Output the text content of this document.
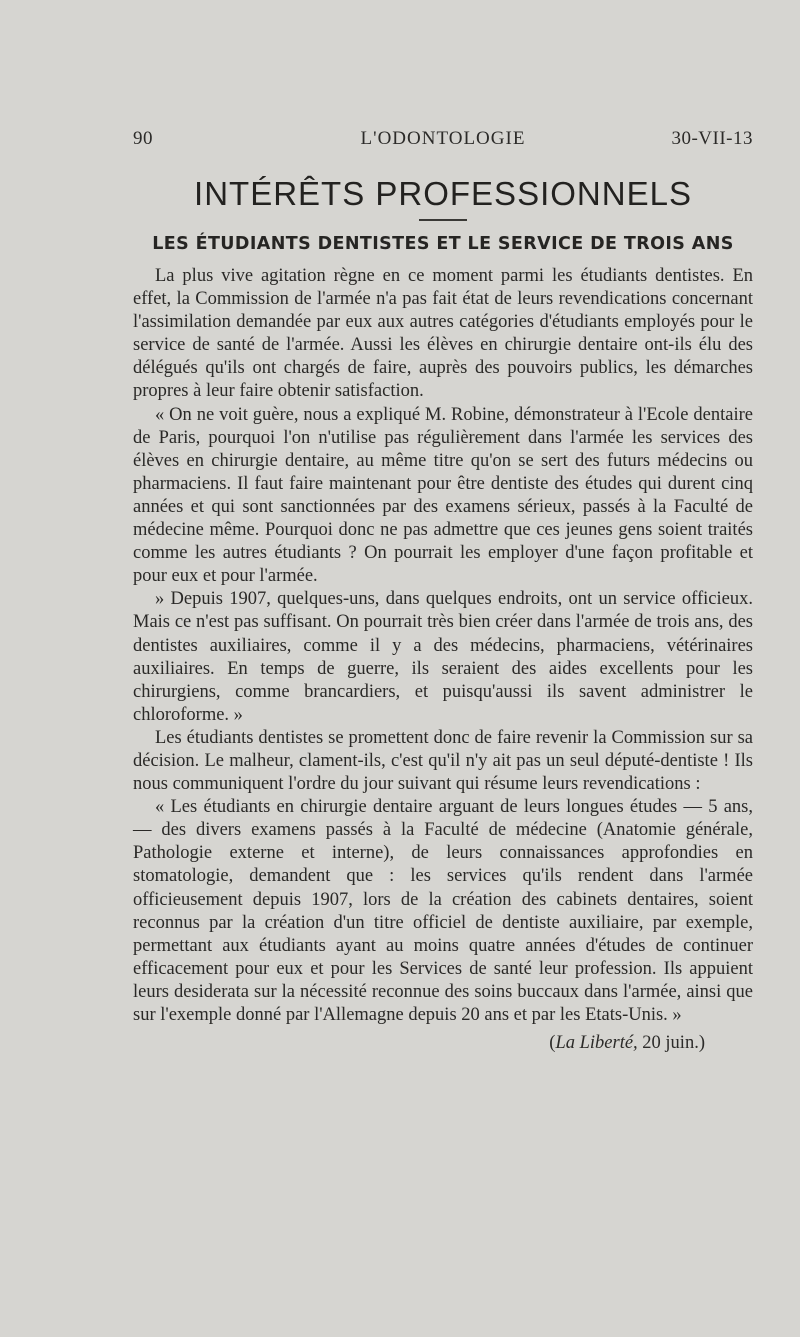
90	L'ODONTOLOGIE	30-VII-13
INTÉRÊTS PROFESSIONNELS
LES ÉTUDIANTS DENTISTES ET LE SERVICE DE TROIS ANS

La plus vive agitation règne en ce moment parmi les étudiants dentistes. En effet, la Commission de l'armée n'a pas fait état de leurs revendications concernant l'assimilation demandée par eux aux autres catégories d'étudiants employés pour le service de santé de l'armée. Aussi les élèves en chirurgie dentaire ont-ils élu des délégués qu'ils ont chargés de faire, auprès des pouvoirs publics, les démarches propres à leur faire obtenir satisfaction.

« On ne voit guère, nous a expliqué M. Robine, démonstrateur à l'Ecole dentaire de Paris, pourquoi l'on n'utilise pas régulièrement dans l'armée les services des élèves en chirurgie dentaire, au même titre qu'on se sert des futurs médecins ou pharmaciens. Il faut faire maintenant pour être dentiste des études qui durent cinq années et qui sont sanctionnées par des examens sérieux, passés à la Faculté de médecine même. Pourquoi donc ne pas admettre que ces jeunes gens soient traités comme les autres étudiants ? On pourrait les employer d'une façon profitable et pour eux et pour l'armée.

» Depuis 1907, quelques-uns, dans quelques endroits, ont un service officieux. Mais ce n'est pas suffisant. On pourrait très bien créer dans l'armée de trois ans, des dentistes auxiliaires, comme il y a des médecins, pharmaciens, vétérinaires auxiliaires. En temps de guerre, ils seraient des aides excellents pour les chirurgiens, comme brancardiers, et puisqu'aussi ils savent administrer le chloroforme. »

Les étudiants dentistes se promettent donc de faire revenir la Commission sur sa décision. Le malheur, clament-ils, c'est qu'il n'y ait pas un seul député-dentiste ! Ils nous communiquent l'ordre du jour suivant qui résume leurs revendications :

« Les étudiants en chirurgie dentaire arguant de leurs longues études — 5 ans, — des divers examens passés à la Faculté de médecine (Anatomie générale, Pathologie externe et interne), de leurs connaissances approfondies en stomatologie, demandent que : les services qu'ils rendent dans l'armée officieusement depuis 1907, lors de la création des cabinets dentaires, soient reconnus par la création d'un titre officiel de dentiste auxiliaire, par exemple, permettant aux étudiants ayant au moins quatre années d'études de continuer efficacement pour eux et pour les Services de santé leur profession. Ils appuient leurs desiderata sur la nécessité reconnue des soins buccaux dans l'armée, ainsi que sur l'exemple donné par l'Allemagne depuis 20 ans et par les Etats-Unis. »

(La Liberté, 20 juin.)
